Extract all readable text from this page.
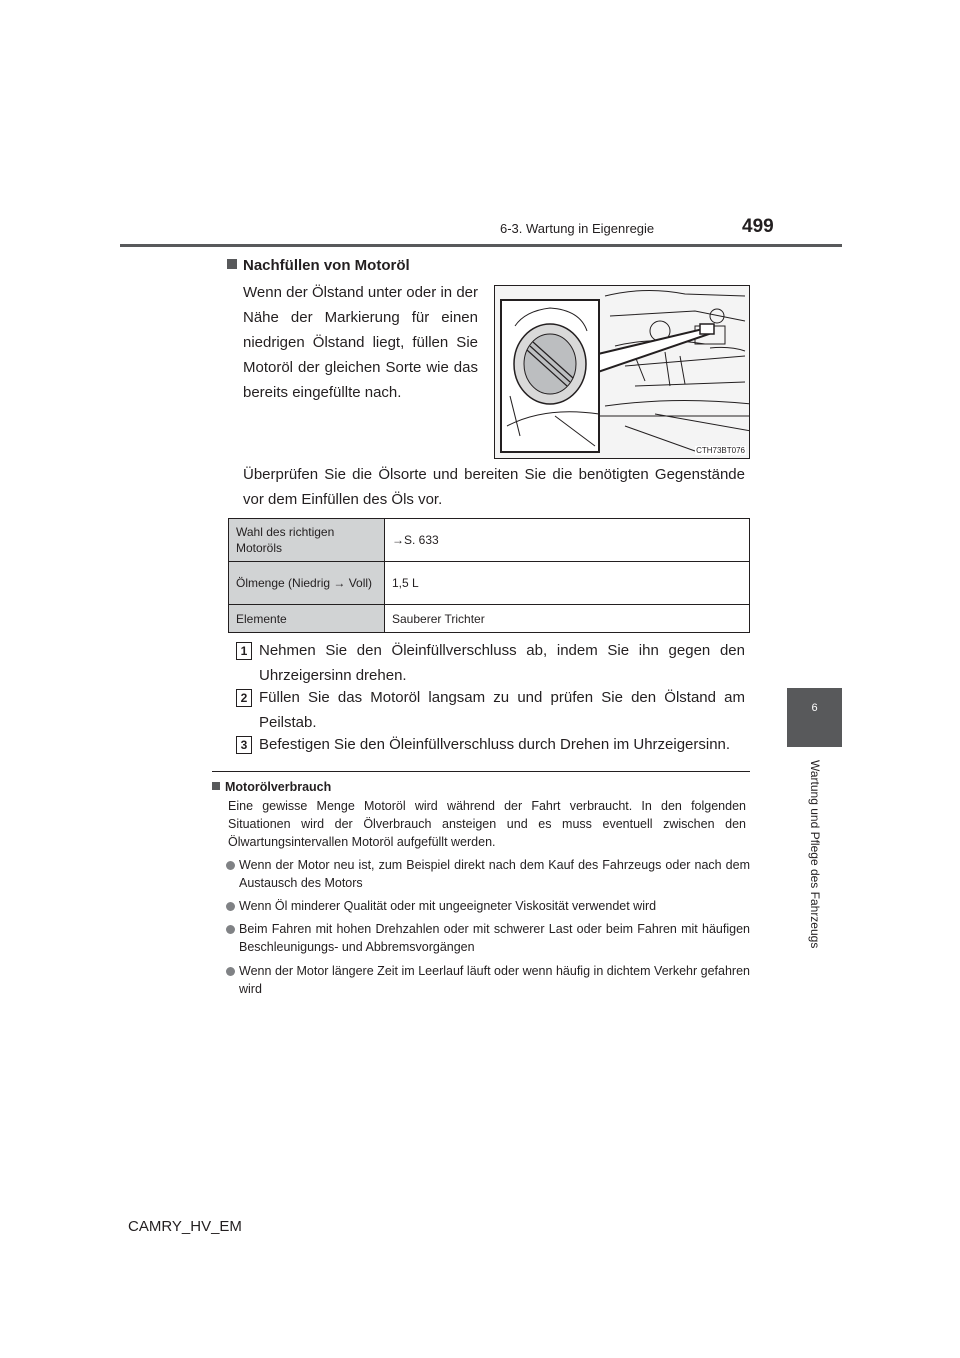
6-3. Wartung in Eigenregie	499
6
Wartung und Pflege des Fahrzeugs
Nachfüllen von Motoröl
Wenn der Ölstand unter oder in der Nähe der Markierung für einen niedrigen Ölstand liegt, füllen Sie Motoröl der gleichen Sorte wie das bereits eingefüllte nach.
CTH73BT076
Überprüfen Sie die Ölsorte und bereiten Sie die benötigten Gegenstände vor dem Einfüllen des Öls vor.
Wahl des richtigen Motoröls	→S. 633
Ölmenge (Niedrig → Voll)	1,5 L
Elemente	Sauberer Trichter
1 Nehmen Sie den Öleinfüllverschluss ab, indem Sie ihn gegen den Uhrzeigersinn drehen.
2 Füllen Sie das Motoröl langsam zu und prüfen Sie den Ölstand am Peilstab.
3 Befestigen Sie den Öleinfüllverschluss durch Drehen im Uhrzeigersinn.
Motorölverbrauch
Eine gewisse Menge Motoröl wird während der Fahrt verbraucht. In den folgenden Situationen wird der Ölverbrauch ansteigen und es muss eventuell zwischen den Ölwartungsintervallen Motoröl aufgefüllt werden.
Wenn der Motor neu ist, zum Beispiel direkt nach dem Kauf des Fahrzeugs oder nach dem Austausch des Motors
Wenn Öl minderer Qualität oder mit ungeeigneter Viskosität verwendet wird
Beim Fahren mit hohen Drehzahlen oder mit schwerer Last oder beim Fahren mit häufigen Beschleunigungs- und Abbremsvorgängen
Wenn der Motor längere Zeit im Leerlauf läuft oder wenn häufig in dichtem Verkehr gefahren wird
CAMRY_HV_EM
